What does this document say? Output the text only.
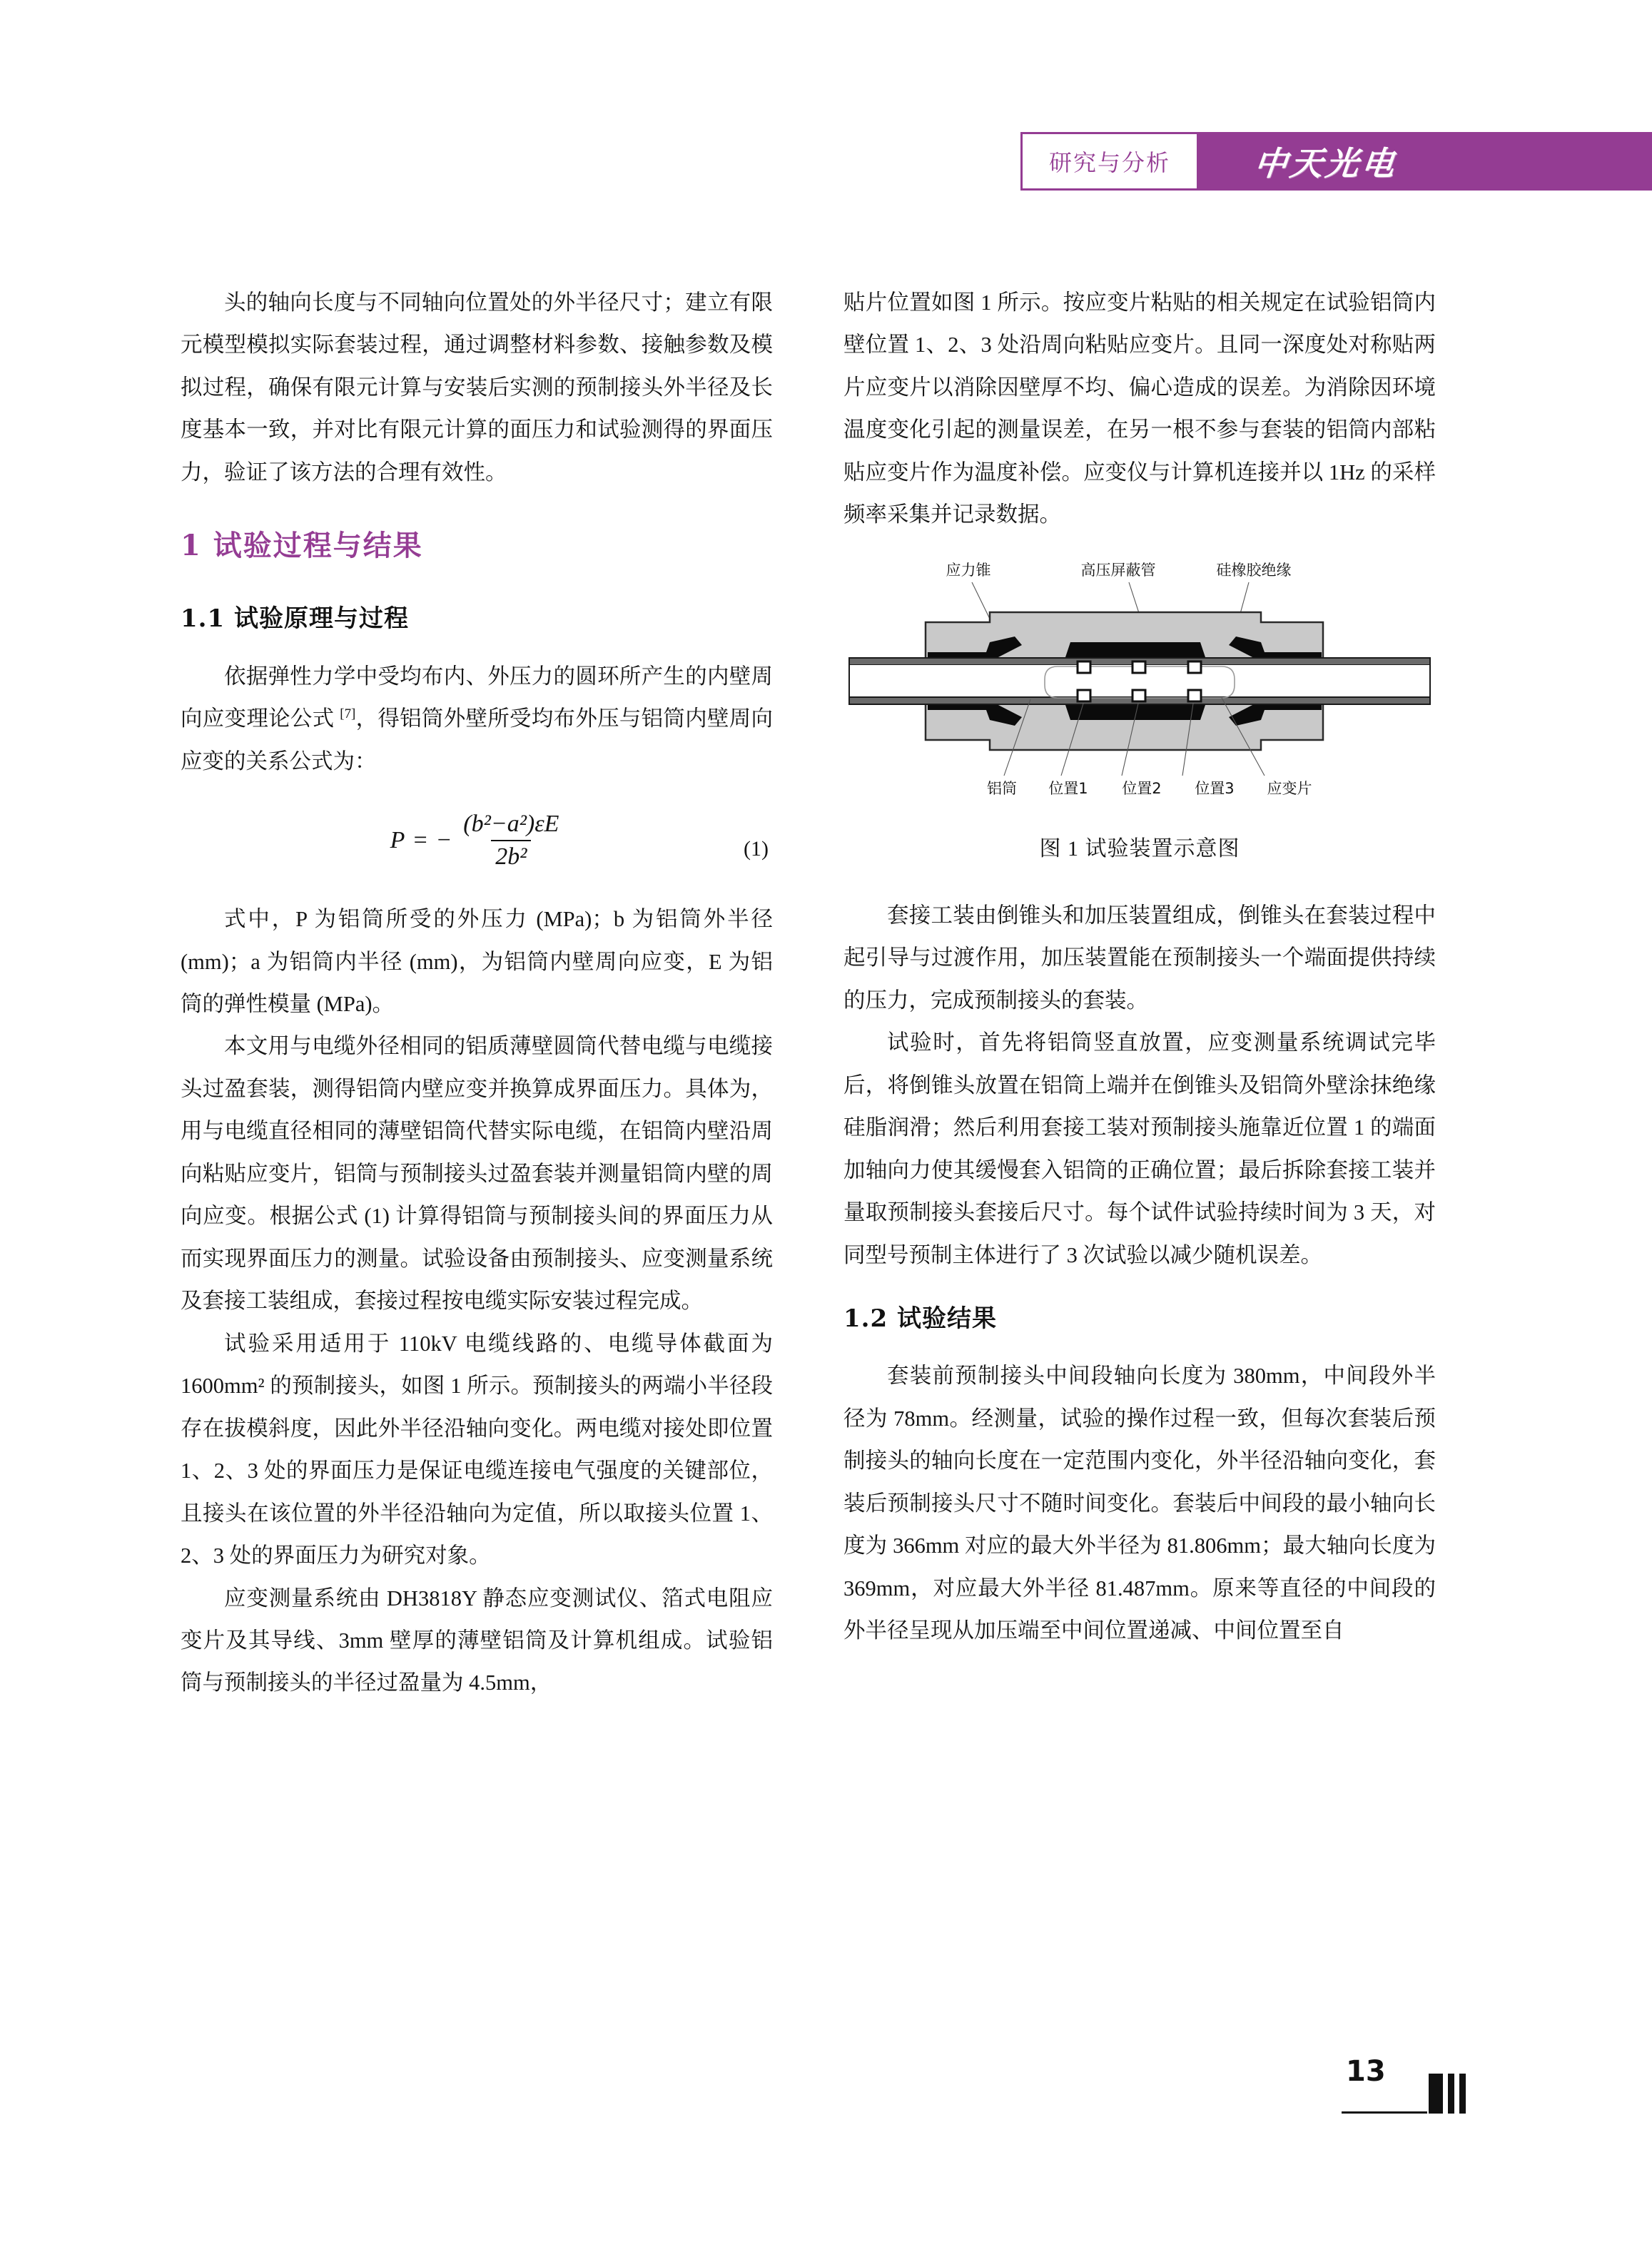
研究与分析	中天光电

头的轴向长度与不同轴向位置处的外半径尺寸；建立有限元模型模拟实际套装过程，通过调整材料参数、接触参数及模拟过程，确保有限元计算与安装后实测的预制接头外半径及长度基本一致，并对比有限元计算的面压力和试验测得的界面压力，验证了该方法的合理有效性。

1 试验过程与结果
1.1 试验原理与过程

依据弹性力学中受均布内、外压力的圆环所产生的内壁周向应变理论公式 [7]，得铝筒外壁所受均布外压与铝筒内壁周向应变的关系公式为：

P = − $\frac{\text{(b²−a²)εE}}{\text{2b²}}$	(1)

式中，P 为铝筒所受的外压力 (MPa)；b 为铝筒外半径 (mm)；a 为铝筒内半径 (mm)，为铝筒内壁周向应变，E 为铝筒的弹性模量 (MPa)。

本文用与电缆外径相同的铝质薄壁圆筒代替电缆与电缆接头过盈套装，测得铝筒内壁应变并换算成界面压力。具体为，用与电缆直径相同的薄壁铝筒代替实际电缆，在铝筒内壁沿周向粘贴应变片，铝筒与预制接头过盈套装并测量铝筒内壁的周向应变。根据公式 (1) 计算得铝筒与预制接头间的界面压力从而实现界面压力的测量。试验设备由预制接头、应变测量系统及套接工装组成，套接过程按电缆实际安装过程完成。

试验采用适用于 110kV 电缆线路的、电缆导体截面为 1600mm² 的预制接头，如图 1 所示。预制接头的两端小半径段存在拔模斜度，因此外半径沿轴向变化。两电缆对接处即位置 1、2、3 处的界面压力是保证电缆连接电气强度的关键部位，且接头在该位置的外半径沿轴向为定值，所以取接头位置 1、2、3 处的界面压力为研究对象。

应变测量系统由 DH3818Y 静态应变测试仪、箔式电阻应变片及其导线、3mm 壁厚的薄壁铝筒及计算机组成。试验铝筒与预制接头的半径过盈量为 4.5mm，

贴片位置如图 1 所示。按应变片粘贴的相关规定在试验铝筒内壁位置 1、2、3 处沿周向粘贴应变片。且同一深度处对称贴两片应变片以消除因壁厚不均、偏心造成的误差。为消除因环境温度变化引起的测量误差，在另一根不参与套装的铝筒内部粘贴应变片作为温度补偿。应变仪与计算机连接并以 1Hz 的采样频率采集并记录数据。

应力锥	高压屏蔽管	硅橡胶绝缘
铝筒 位置1 位置2 位置3 应变片
图 1 试验装置示意图

套接工装由倒锥头和加压装置组成，倒锥头在套装过程中起引导与过渡作用，加压装置能在预制接头一个端面提供持续的压力，完成预制接头的套装。

试验时，首先将铝筒竖直放置，应变测量系统调试完毕后，将倒锥头放置在铝筒上端并在倒锥头及铝筒外壁涂抹绝缘硅脂润滑；然后利用套接工装对预制接头施靠近位置 1 的端面加轴向力使其缓慢套入铝筒的正确位置；最后拆除套接工装并量取预制接头套接后尺寸。每个试件试验持续时间为 3 天，对同型号预制主体进行了 3 次试验以减少随机误差。

1.2 试验结果

套装前预制接头中间段轴向长度为 380mm，中间段外半径为 78mm。经测量，试验的操作过程一致，但每次套装后预制接头的轴向长度在一定范围内变化，外半径沿轴向变化，套装后预制接头尺寸不随时间变化。套装后中间段的最小轴向长度为 366mm 对应的最大外半径为 81.806mm；最大轴向长度为 369mm，对应最大外半径 81.487mm。原来等直径的中间段的外半径呈现从加压端至中间位置递减、中间位置至自

13
